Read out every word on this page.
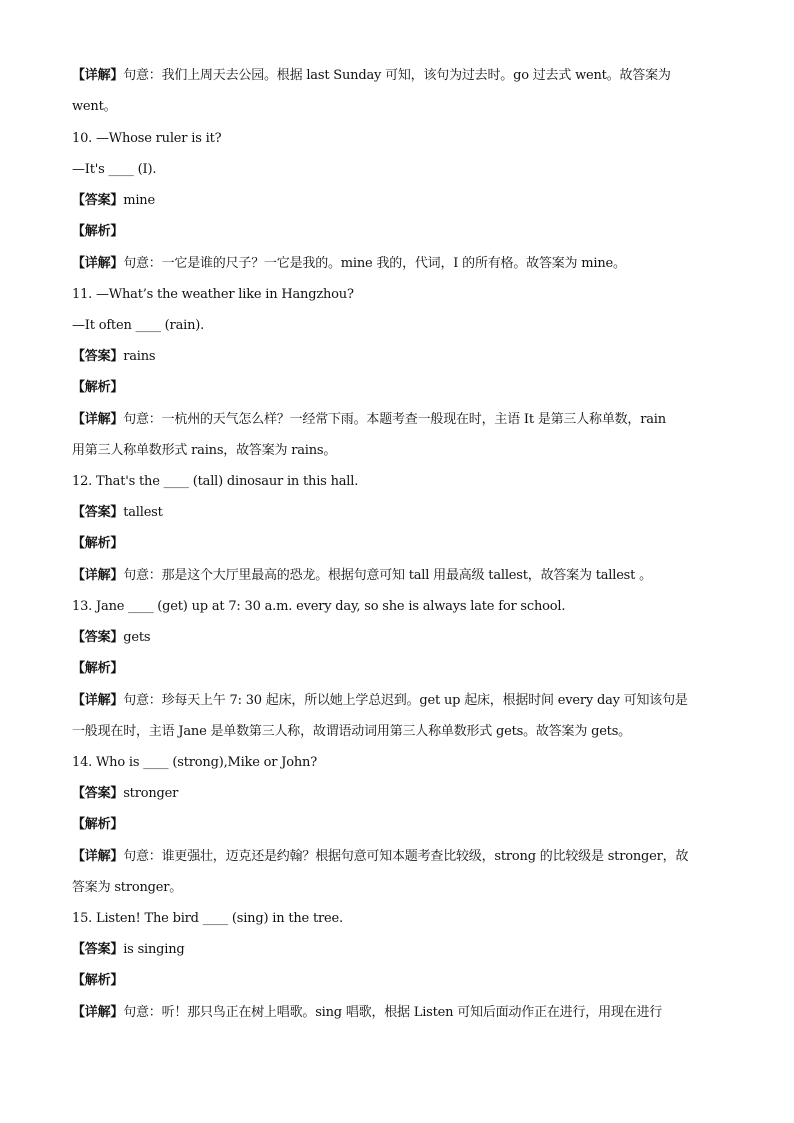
【详解】句意：我们上周天去公园。根据 last Sunday 可知，该句为过去时。go 过去式 went。故答案为
went。
10. —Whose ruler is it?
—It's ____ (I).
【答案】mine
【解析】
【详解】句意：一它是谁的尺子？一它是我的。mine 我的，代词，I 的所有格。故答案为 mine。
11. —What’s the weather like in Hangzhou?
—It often ____ (rain).
【答案】rains
【解析】
【详解】句意：一杭州的天气怎么样？一经常下雨。本题考查一般现在时，主语 It 是第三人称单数，rain
用第三人称单数形式 rains，故答案为 rains。
12. That's the ____ (tall) dinosaur in this hall.
【答案】tallest
【解析】
【详解】句意：那是这个大厅里最高的恐龙。根据句意可知 tall 用最高级 tallest，故答案为 tallest 。
13. Jane ____ (get) up at 7: 30 a.m. every day, so she is always late for school.
【答案】gets
【解析】
【详解】句意：珍每天上午 7: 30 起床，所以她上学总迟到。get up 起床，根据时间 every day 可知该句是
一般现在时，主语 Jane 是单数第三人称，故谓语动词用第三人称单数形式 gets。故答案为 gets。
14. Who is ____ (strong),Mike or John?
【答案】stronger
【解析】
【详解】句意：谁更强壮，迈克还是约翰？根据句意可知本题考查比较级，strong 的比较级是 stronger，故
答案为 stronger。
15. Listen! The bird ____ (sing) in the tree.
【答案】is singing
【解析】
【详解】句意：听！那只鸟正在树上唱歌。sing 唱歌，根据 Listen 可知后面动作正在进行，用现在进行
